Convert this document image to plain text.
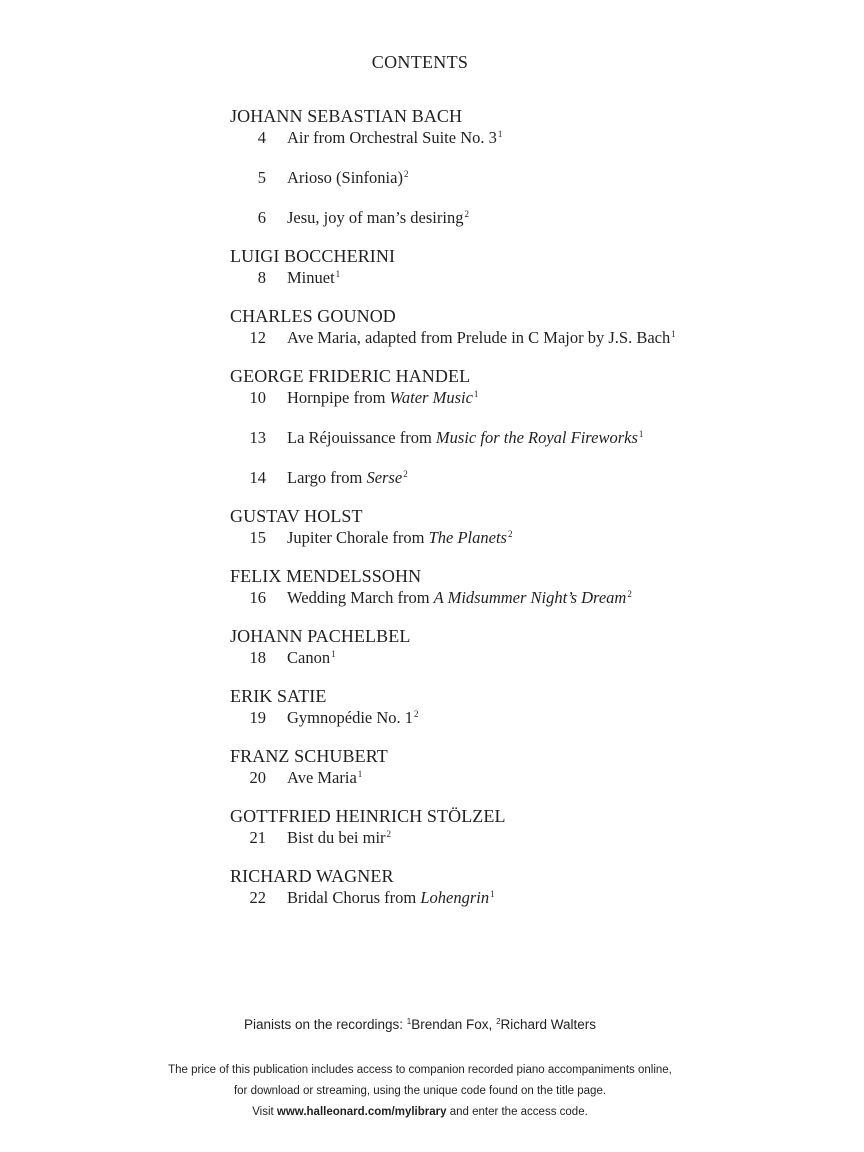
CONTENTS
JOHANN SEBASTIAN BACH
4	Air from Orchestral Suite No. $3^1$
5	Arioso (Sinfonia)$^2$
6	Jesu, joy of man’s desiring$^2$
LUIGI BOCCHERINI
8	Minuet$^1$
CHARLES GOUNOD
12	Ave Maria, adapted from Prelude in C Major by J.S. Bach$^1$
GEORGE FRIDERIC HANDEL
10	Hornpipe from Water Music$^1$
13	La Réjouissance from Music for the Royal Fireworks$^1$
14	Largo from Serse$^2$
GUSTAV HOLST
15	Jupiter Chorale from The Planets$^2$
FELIX MENDELSSOHN
16	Wedding March from A Midsummer Night’s Dream$^2$
JOHANN PACHELBEL
18	Canon$^1$
ERIK SATIE
19	Gymnopédie No. $1^2$
FRANZ SCHUBERT
20	Ave Maria$^1$
GOTTFRIED HEINRICH STÖLZEL
21	Bist du bei mir$^2$
RICHARD WAGNER
22	Bridal Chorus from Lohengrin$^1$
Pianists on the recordings: $^1$Brendan Fox, $^2$Richard Walters
The price of this publication includes access to companion recorded piano accompaniments online,
for download or streaming, using the unique code found on the title page.
Visit www.halleonard.com/mylibrary and enter the access code.
